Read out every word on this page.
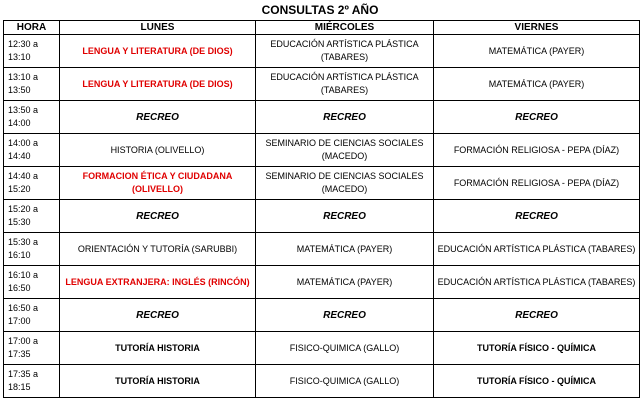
CONSULTAS 2º AÑO
HORA	LUNES	MIÉRCOLES	VIERNES
12:30 a 13:10	LENGUA Y LITERATURA (DE DIOS)	EDUCACIÓN ARTÍSTICA PLÁSTICA (TABARES)	MATEMÁTICA (PAYER)
13:10 a 13:50	LENGUA Y LITERATURA (DE DIOS)	EDUCACIÓN ARTÍSTICA PLÁSTICA (TABARES)	MATEMÁTICA (PAYER)
13:50 a 14:00	RECREO	RECREO	RECREO
14:00 a 14:40	HISTORIA (OLIVELLO)	SEMINARIO DE CIENCIAS SOCIALES (MACEDO)	FORMACIÓN RELIGIOSA - PEPA (DÍAZ)
14:40 a 15:20	FORMACION ÉTICA Y CIUDADANA (OLIVELLO)	SEMINARIO DE CIENCIAS SOCIALES (MACEDO)	FORMACIÓN RELIGIOSA - PEPA (DÍAZ)
15:20 a 15:30	RECREO	RECREO	RECREO
15:30 a 16:10	ORIENTACIÓN Y TUTORÍA (SARUBBI)	MATEMÁTICA (PAYER)	EDUCACIÓN ARTÍSTICA PLÁSTICA (TABARES)
16:10 a 16:50	LENGUA EXTRANJERA: INGLÉS (RINCÓN)	MATEMÁTICA (PAYER)	EDUCACIÓN ARTÍSTICA PLÁSTICA (TABARES)
16:50 a 17:00	RECREO	RECREO	RECREO
17:00 a 17:35	TUTORÍA HISTORIA	FISICO-QUIMICA (GALLO)	TUTORÍA FÍSICO - QUÍMICA
17:35 a 18:15	TUTORÍA HISTORIA	FISICO-QUIMICA (GALLO)	TUTORÍA FÍSICO - QUÍMICA
